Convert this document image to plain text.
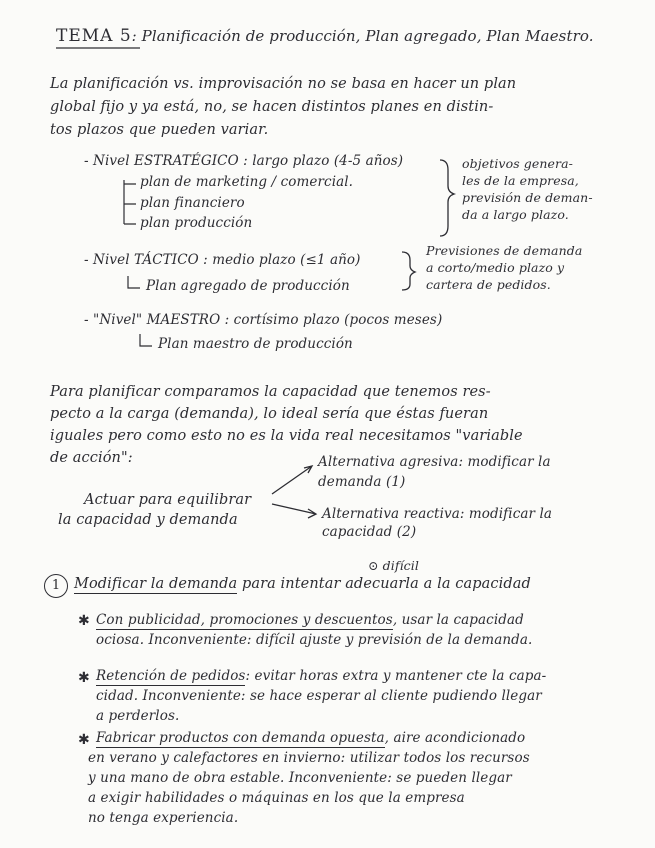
✱
✱
✱
TEMA 5: Planificación de producción, Plan agregado, Plan Maestro.
La planificación vs. improvisación no se basa en hacer un plan
global fijo y ya está, no, se hacen distintos planes en distin-
tos plazos que pueden variar.
- Nivel ESTRATÉGICO : largo plazo (4-5 años)
plan de marketing / comercial.
plan financiero
plan producción
objetivos genera-
les de la empresa,
previsión de deman-
da a largo plazo.
- Nivel TÁCTICO : medio plazo (≤1 año)
Plan agregado de producción
Previsiones de demanda
a corto/medio plazo y
cartera de pedidos.
- "Nivel" MAESTRO : cortísimo plazo (pocos meses)
Plan maestro de producción
Para planificar comparamos la capacidad que tenemos res-
pecto a la carga (demanda), lo ideal sería que éstas fueran
iguales pero como esto no es la vida real necesitamos "variable
de acción":
Actuar para equilibrar
la capacidad y demanda
Alternativa agresiva: modificar la
demanda (1)
Alternativa reactiva: modificar la
capacidad (2)
⊙ difícil
1 Modificar la demanda para intentar adecuarla a la capacidad
Con publicidad, promociones y descuentos, usar la capacidad
ociosa. Inconveniente: difícil ajuste y previsión de la demanda.
Retención de pedidos: evitar horas extra y mantener cte la capa-
cidad. Inconveniente: se hace esperar al cliente pudiendo llegar
a perderlos.
Fabricar productos con demanda opuesta, aire acondicionado
en verano y calefactores en invierno: utilizar todos los recursos
y una mano de obra estable. Inconveniente: se pueden llegar
a exigir habilidades o máquinas en los que la empresa
no tenga experiencia.
